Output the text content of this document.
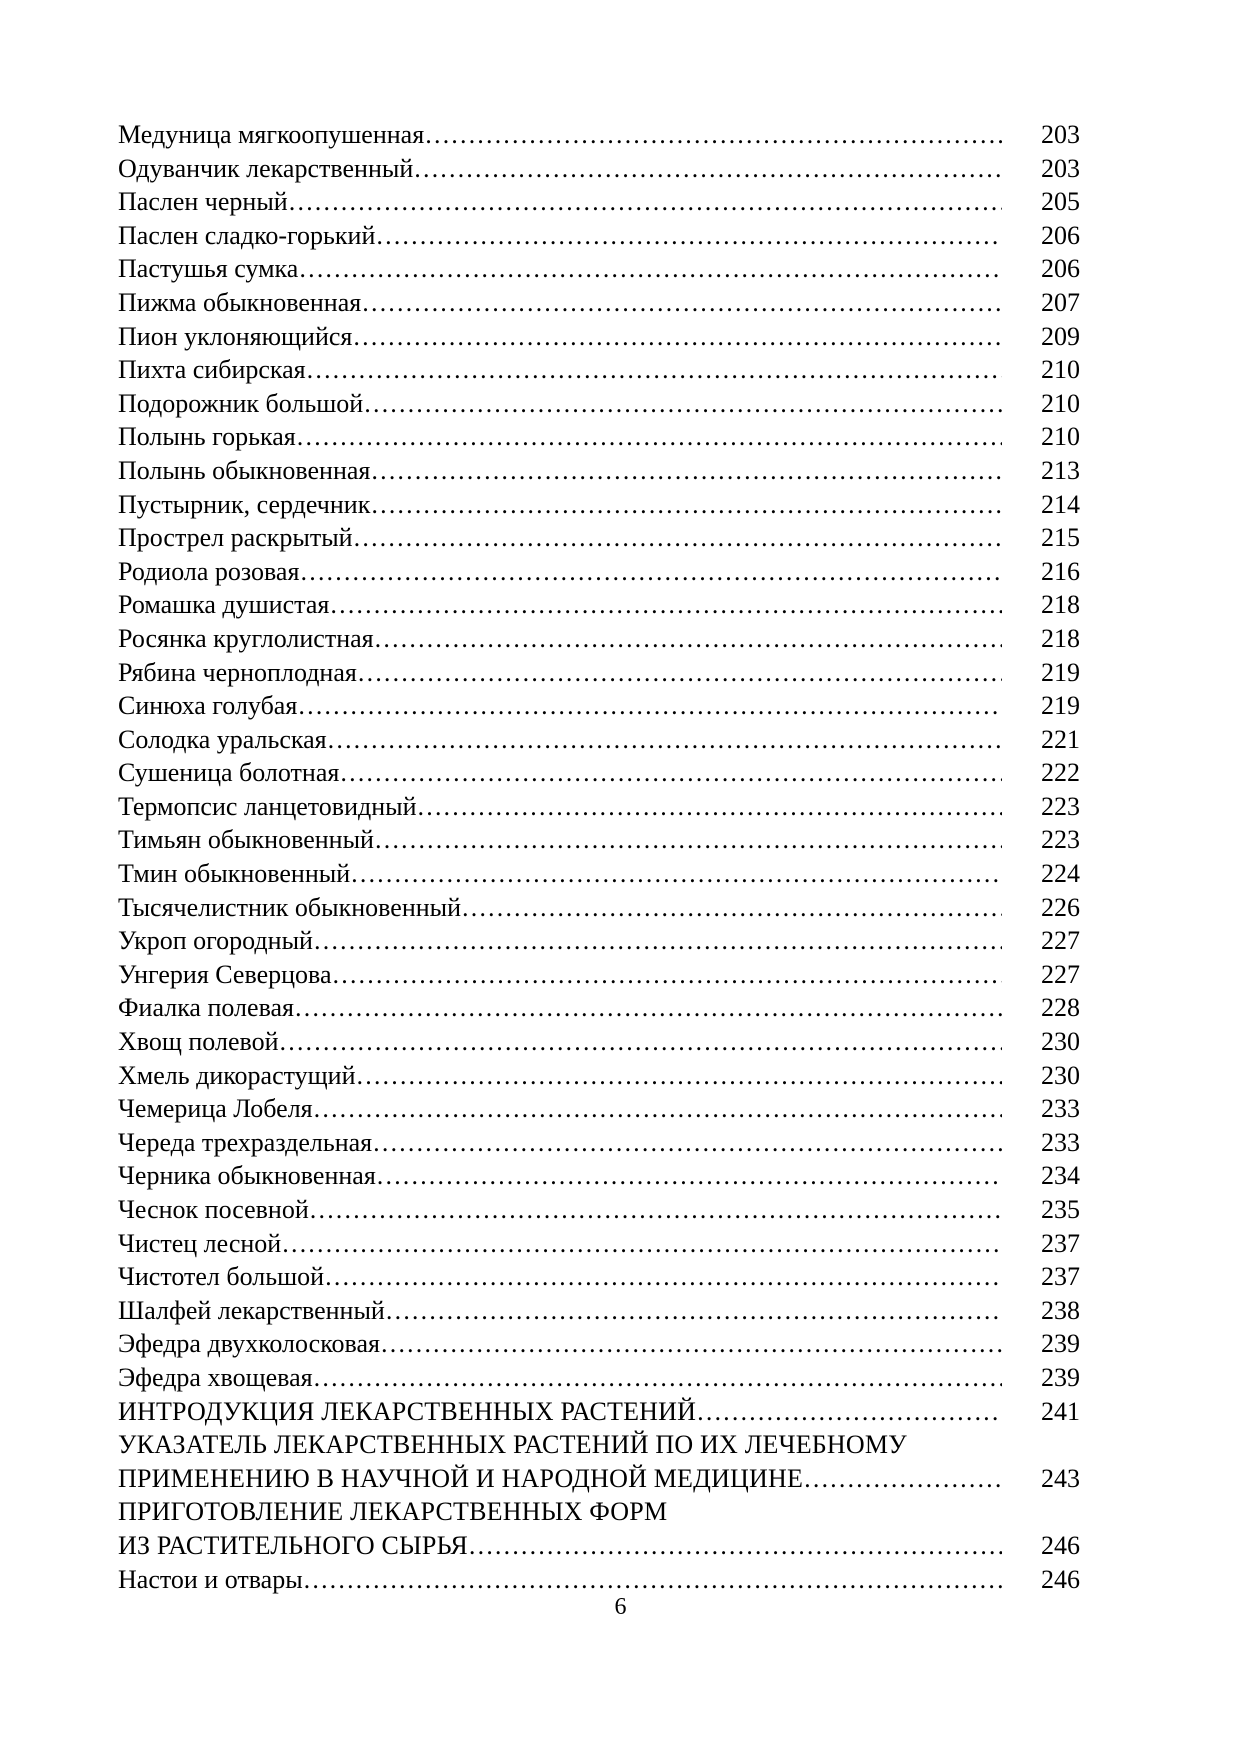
Медуница мягкоопушенная ……………………………………………………………………………………………………………………………………………………	203
Одуванчик лекарственный ……………………………………………………………………………………………………………………………………………………	203
Паслен черный ……………………………………………………………………………………………………………………………………………………	205
Паслен сладко-горький ……………………………………………………………………………………………………………………………………………………	206
Пастушья сумка ……………………………………………………………………………………………………………………………………………………	206
Пижма обыкновенная ……………………………………………………………………………………………………………………………………………………	207
Пион уклоняющийся ……………………………………………………………………………………………………………………………………………………	209
Пихта сибирская ……………………………………………………………………………………………………………………………………………………	210
Подорожник большой ……………………………………………………………………………………………………………………………………………………	210
Полынь горькая ……………………………………………………………………………………………………………………………………………………	210
Полынь обыкновенная ……………………………………………………………………………………………………………………………………………………	213
Пустырник, сердечник ……………………………………………………………………………………………………………………………………………………	214
Прострел раскрытый ……………………………………………………………………………………………………………………………………………………	215
Родиола розовая ……………………………………………………………………………………………………………………………………………………	216
Ромашка душистая ……………………………………………………………………………………………………………………………………………………	218
Росянка круглолистная ……………………………………………………………………………………………………………………………………………………	218
Рябина черноплодная ……………………………………………………………………………………………………………………………………………………	219
Синюха голубая ……………………………………………………………………………………………………………………………………………………	219
Солодка уральская ……………………………………………………………………………………………………………………………………………………	221
Сушеница болотная ……………………………………………………………………………………………………………………………………………………	222
Термопсис ланцетовидный ……………………………………………………………………………………………………………………………………………………	223
Тимьян обыкновенный ……………………………………………………………………………………………………………………………………………………	223
Тмин обыкновенный ……………………………………………………………………………………………………………………………………………………	224
Тысячелистник обыкновенный ……………………………………………………………………………………………………………………………………………………	226
Укроп огородный ……………………………………………………………………………………………………………………………………………………	227
Унгерия Северцова ……………………………………………………………………………………………………………………………………………………	227
Фиалка полевая ……………………………………………………………………………………………………………………………………………………	228
Хвощ полевой ……………………………………………………………………………………………………………………………………………………	230
Хмель дикорастущий ……………………………………………………………………………………………………………………………………………………	230
Чемерица Лобеля ……………………………………………………………………………………………………………………………………………………	233
Череда трехраздельная ……………………………………………………………………………………………………………………………………………………	233
Черника обыкновенная ……………………………………………………………………………………………………………………………………………………	234
Чеснок посевной ……………………………………………………………………………………………………………………………………………………	235
Чистец лесной ……………………………………………………………………………………………………………………………………………………	237
Чистотел большой ……………………………………………………………………………………………………………………………………………………	237
Шалфей лекарственный ……………………………………………………………………………………………………………………………………………………	238
Эфедра двухколосковая ……………………………………………………………………………………………………………………………………………………	239
Эфедра хвощевая ……………………………………………………………………………………………………………………………………………………	239
ИНТРОДУКЦИЯ ЛЕКАРСТВЕННЫХ РАСТЕНИЙ ……………………………………………………………………………………………………………………………………………………	241
УКАЗАТЕЛЬ ЛЕКАРСТВЕННЫХ РАСТЕНИЙ ПО ИХ ЛЕЧЕБНОМУ
ПРИМЕНЕНИЮ В НАУЧНОЙ И НАРОДНОЙ МЕДИЦИНЕ ……………………………………………………………………………………………………………………………………………………	243
ПРИГОТОВЛЕНИЕ ЛЕКАРСТВЕННЫХ ФОРМ
ИЗ РАСТИТЕЛЬНОГО СЫРЬЯ ……………………………………………………………………………………………………………………………………………………	246
Настои и отвары ……………………………………………………………………………………………………………………………………………………	246
6
